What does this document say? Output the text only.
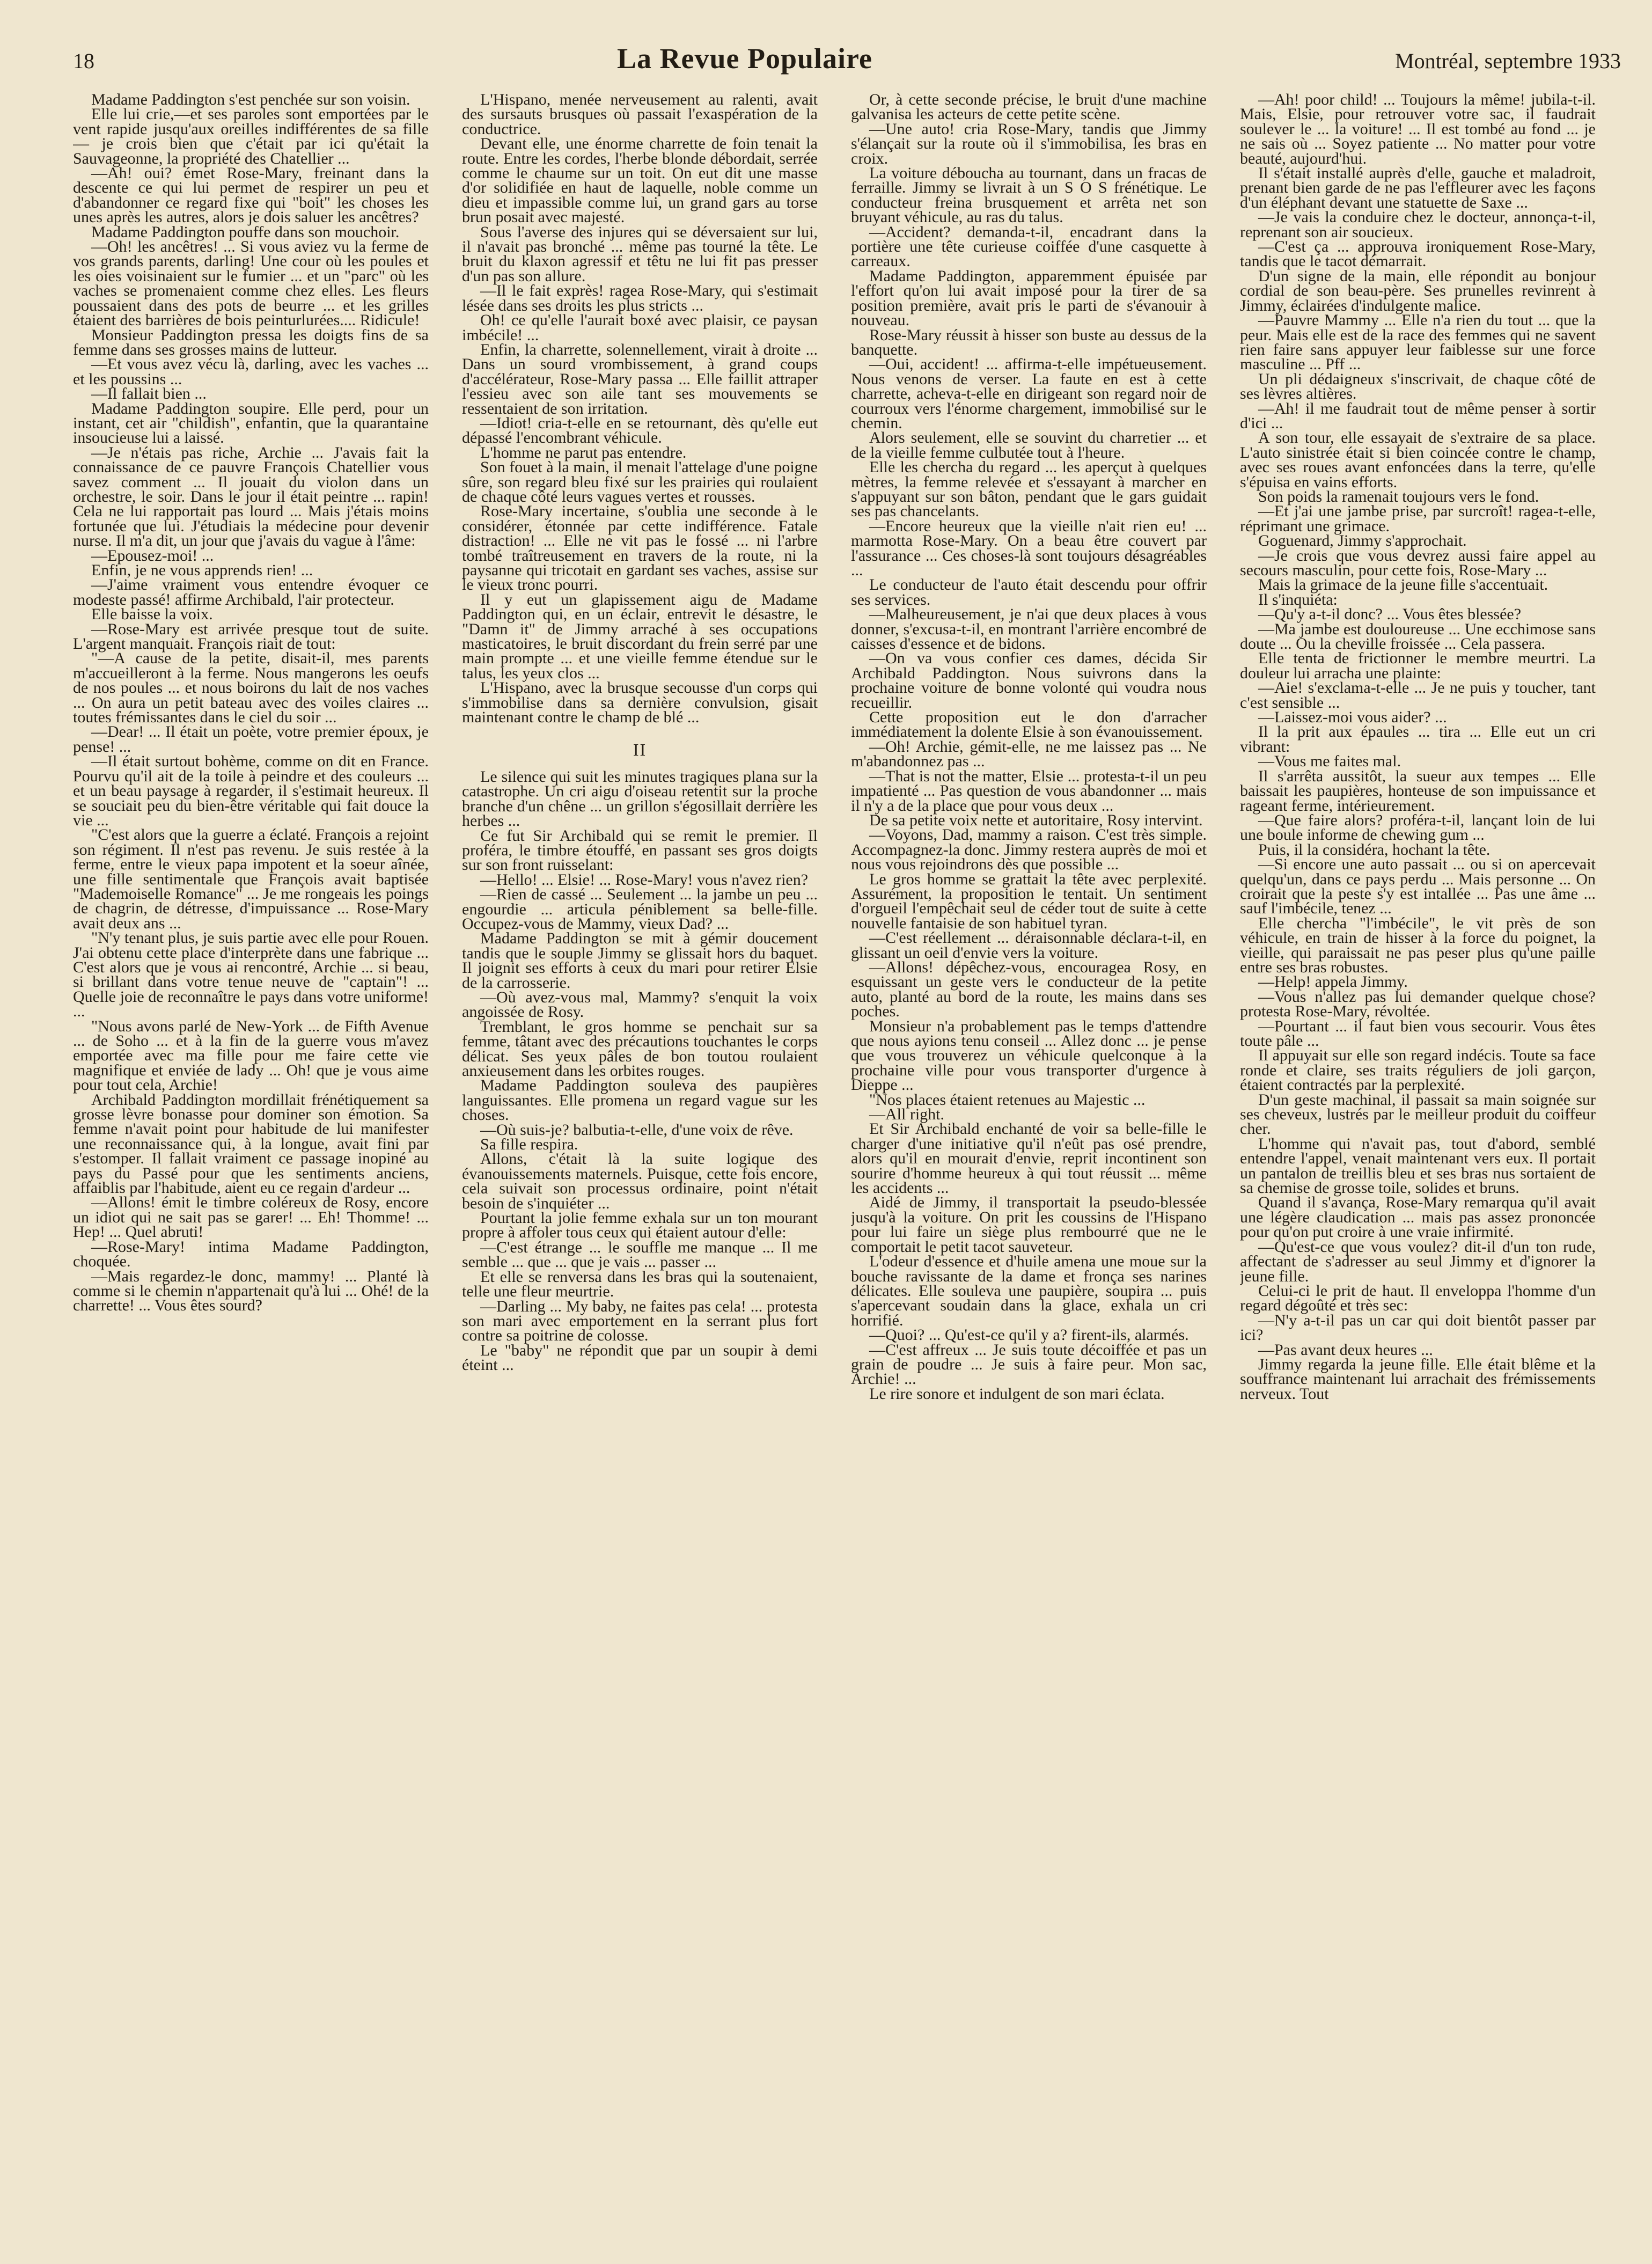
18	La Revue Populaire	Montréal, septembre 1933

Madame Paddington s'est penchée sur son voisin.

Elle lui crie,—et ses paroles sont emportées par le vent rapide jusqu'aux oreilles indifférentes de sa fille — je crois bien que c'était par ici qu'était la Sauvageonne, la propriété des Chatellier ...

—Ah! oui? émet Rose-Mary, freinant dans la descente ce qui lui permet de respirer un peu et d'abandonner ce regard fixe qui "boit" les choses les unes après les autres, alors je dois saluer les ancêtres?

Madame Paddington pouffe dans son mouchoir.

—Oh! les ancêtres! ... Si vous aviez vu la ferme de vos grands parents, darling! Une cour où les poules et les oies voisinaient sur le fumier ... et un "parc" où les vaches se promenaient comme chez elles. Les fleurs poussaient dans des pots de beurre ... et les grilles étaient des barrières de bois peinturlurées.... Ridicule!

Monsieur Paddington pressa les doigts fins de sa femme dans ses grosses mains de lutteur.

—Et vous avez vécu là, darling, avec les vaches ... et les poussins ...

—Il fallait bien ...

Madame Paddington soupire. Elle perd, pour un instant, cet air "childish", enfantin, que la quarantaine insoucieuse lui a laissé.

—Je n'étais pas riche, Archie ... J'avais fait la connaissance de ce pauvre François Chatellier vous savez comment ... Il jouait du violon dans un orchestre, le soir. Dans le jour il était peintre ... rapin! Cela ne lui rapportait pas lourd ... Mais j'étais moins fortunée que lui. J'étudiais la médecine pour devenir nurse. Il m'a dit, un jour que j'avais du vague à l'âme:

—Epousez-moi! ...

Enfin, je ne vous apprends rien! ...

—J'aime vraiment vous entendre évoquer ce modeste passé! affirme Archibald, l'air protecteur.

Elle baisse la voix.

—Rose-Mary est arrivée presque tout de suite. L'argent manquait. François riait de tout:

"—A cause de la petite, disait-il, mes parents m'accueilleront à la ferme. Nous mangerons les oeufs de nos poules ... et nous boirons du lait de nos vaches ... On aura un petit bateau avec des voiles claires ... toutes frémissantes dans le ciel du soir ...

—Dear! ... Il était un poète, votre premier époux, je pense! ...

—Il était surtout bohème, comme on dit en France. Pourvu qu'il ait de la toile à peindre et des couleurs ... et un beau paysage à regarder, il s'estimait heureux. Il se souciait peu du bien-être véritable qui fait douce la vie ...

"C'est alors que la guerre a éclaté. François a rejoint son régiment. Il n'est pas revenu. Je suis restée à la ferme, entre le vieux papa impotent et la soeur aînée, une fille sentimentale que François avait baptisée "Mademoiselle Romance" ... Je me rongeais les poings de chagrin, de détresse, d'impuissance ... Rose-Mary avait deux ans ...

"N'y tenant plus, je suis partie avec elle pour Rouen. J'ai obtenu cette place d'interprète dans une fabrique ... C'est alors que je vous ai rencontré, Archie ... si beau, si brillant dans votre tenue neuve de "captain"! ... Quelle joie de reconnaître le pays dans votre uniforme! ...

"Nous avons parlé de New-York ... de Fifth Avenue ... de Soho ... et à la fin de la guerre vous m'avez emportée avec ma fille pour me faire cette vie magnifique et enviée de lady ... Oh! que je vous aime pour tout cela, Archie!

Archibald Paddington mordillait frénétiquement sa grosse lèvre bonasse pour dominer son émotion. Sa femme n'avait point pour habitude de lui manifester une reconnaissance qui, à la longue, avait fini par s'estomper. Il fallait vraiment ce passage inopiné au pays du Passé pour que les sentiments anciens, affaiblis par l'habitude, aient eu ce regain d'ardeur ...

—Allons! émit le timbre coléreux de Rosy, encore un idiot qui ne sait pas se garer! ... Eh! Thomme! ... Hep! ... Quel abruti!

—Rose-Mary! intima Madame Paddington, choquée.

—Mais regardez-le donc, mammy! ... Planté là comme si le chemin n'appartenait qu'à lui ... Ohé! de la charrette! ... Vous êtes sourd?

L'Hispano, menée nerveusement au ralenti, avait des sursauts brusques où passait l'exaspération de la conductrice.

Devant elle, une énorme charrette de foin tenait la route. Entre les cordes, l'herbe blonde débordait, serrée comme le chaume sur un toit. On eut dit une masse d'or solidifiée en haut de laquelle, noble comme un dieu et impassible comme lui, un grand gars au torse brun posait avec majesté.

Sous l'averse des injures qui se déversaient sur lui, il n'avait pas bronché ... même pas tourné la tête. Le bruit du klaxon agressif et têtu ne lui fit pas presser d'un pas son allure.

—Il le fait exprès! ragea Rose-Mary, qui s'estimait lésée dans ses droits les plus stricts ...

Oh! ce qu'elle l'aurait boxé avec plaisir, ce paysan imbécile! ...

Enfin, la charrette, solennellement, virait à droite ... Dans un sourd vrombissement, à grand coups d'accélérateur, Rose-Mary passa ... Elle faillit attraper l'essieu avec son aile tant ses mouvements se ressentaient de son irritation.

—Idiot! cria-t-elle en se retournant, dès qu'elle eut dépassé l'encombrant véhicule.

L'homme ne parut pas entendre.

Son fouet à la main, il menait l'attelage d'une poigne sûre, son regard bleu fixé sur les prairies qui roulaient de chaque côté leurs vagues vertes et rousses.

Rose-Mary incertaine, s'oublia une seconde à le considérer, étonnée par cette indifférence. Fatale distraction! ... Elle ne vit pas le fossé ... ni l'arbre tombé traîtreusement en travers de la route, ni la paysanne qui tricotait en gardant ses vaches, assise sur le vieux tronc pourri.

Il y eut un glapissement aigu de Madame Paddington qui, en un éclair, entrevit le désastre, le "Damn it" de Jimmy arraché à ses occupations masticatoires, le bruit discordant du frein serré par une main prompte ... et une vieille femme étendue sur le talus, les yeux clos ...

L'Hispano, avec la brusque secousse d'un corps qui s'immobilise dans sa dernière convulsion, gisait maintenant contre le champ de blé ...

II

Le silence qui suit les minutes tragiques plana sur la catastrophe. Un cri aigu d'oiseau retentit sur la proche branche d'un chêne ... un grillon s'égosillait derrière les herbes ...

Ce fut Sir Archibald qui se remit le premier. Il proféra, le timbre étouffé, en passant ses gros doigts sur son front ruisselant:

—Hello! ... Elsie! ... Rose-Mary! vous n'avez rien?

—Rien de cassé ... Seulement ... la jambe un peu ... engourdie ... articula péniblement sa belle-fille. Occupez-vous de Mammy, vieux Dad? ...

Madame Paddington se mit à gémir doucement tandis que le souple Jimmy se glissait hors du baquet. Il joignit ses efforts à ceux du mari pour retirer Elsie de la carrosserie.

—Où avez-vous mal, Mammy? s'enquit la voix angoissée de Rosy.

Tremblant, le gros homme se penchait sur sa femme, tâtant avec des précautions touchantes le corps délicat. Ses yeux pâles de bon toutou roulaient anxieusement dans les orbites rouges.

Madame Paddington souleva des paupières languissantes. Elle promena un regard vague sur les choses.

—Où suis-je? balbutia-t-elle, d'une voix de rêve.

Sa fille respira.

Allons, c'était là la suite logique des évanouissements maternels. Puisque, cette fois encore, cela suivait son processus ordinaire, point n'était besoin de s'inquiéter ...

Pourtant la jolie femme exhala sur un ton mourant propre à affoler tous ceux qui étaient autour d'elle:

—C'est étrange ... le souffle me manque ... Il me semble ... que ... que je vais ... passer ...

Et elle se renversa dans les bras qui la soutenaient, telle une fleur meurtrie.

—Darling ... My baby, ne faites pas cela! ... protesta son mari avec emportement en la serrant plus fort contre sa poitrine de colosse.

Le "baby" ne répondit que par un soupir à demi éteint ...

Or, à cette seconde précise, le bruit d'une machine galvanisa les acteurs de cette petite scène.

—Une auto! cria Rose-Mary, tandis que Jimmy s'élançait sur la route où il s'immobilisa, les bras en croix.

La voiture déboucha au tournant, dans un fracas de ferraille. Jimmy se livrait à un S O S frénétique. Le conducteur freina brusquement et arrêta net son bruyant véhicule, au ras du talus.

—Accident? demanda-t-il, encadrant dans la portière une tête curieuse coiffée d'une casquette à carreaux.

Madame Paddington, apparemment épuisée par l'effort qu'on lui avait imposé pour la tirer de sa position première, avait pris le parti de s'évanouir à nouveau.

Rose-Mary réussit à hisser son buste au dessus de la banquette.

—Oui, accident! ... affirma-t-elle impétueusement. Nous venons de verser. La faute en est à cette charrette, acheva-t-elle en dirigeant son regard noir de courroux vers l'énorme chargement, immobilisé sur le chemin.

Alors seulement, elle se souvint du charretier ... et de la vieille femme culbutée tout à l'heure.

Elle les chercha du regard ... les aperçut à quelques mètres, la femme relevée et s'essayant à marcher en s'appuyant sur son bâton, pendant que le gars guidait ses pas chancelants.

—Encore heureux que la vieille n'ait rien eu! ... marmotta Rose-Mary. On a beau être couvert par l'assurance ... Ces choses-là sont toujours désagréables ...

Le conducteur de l'auto était descendu pour offrir ses services.

—Malheureusement, je n'ai que deux places à vous donner, s'excusa-t-il, en montrant l'arrière encombré de caisses d'essence et de bidons.

—On va vous confier ces dames, décida Sir Archibald Paddington. Nous suivrons dans la prochaine voiture de bonne volonté qui voudra nous recueillir.

Cette proposition eut le don d'arracher immédiatement la dolente Elsie à son évanouissement.

—Oh! Archie, gémit-elle, ne me laissez pas ... Ne m'abandonnez pas ...

—That is not the matter, Elsie ... protesta-t-il un peu impatienté ... Pas question de vous abandonner ... mais il n'y a de la place que pour vous deux ...

De sa petite voix nette et autoritaire, Rosy intervint.

—Voyons, Dad, mammy a raison. C'est très simple. Accompagnez-la donc. Jimmy restera auprès de moi et nous vous rejoindrons dès que possible ...

Le gros homme se grattait la tête avec perplexité. Assurément, la proposition le tentait. Un sentiment d'orgueil l'empêchait seul de céder tout de suite à cette nouvelle fantaisie de son habituel tyran.

—C'est réellement ... déraisonnable déclara-t-il, en glissant un oeil d'envie vers la voiture.

—Allons! dépêchez-vous, encouragea Rosy, en esquissant un geste vers le conducteur de la petite auto, planté au bord de la route, les mains dans ses poches.

Monsieur n'a probablement pas le temps d'attendre que nous ayions tenu conseil ... Allez donc ... je pense que vous trouverez un véhicule quelconque à la prochaine ville pour vous transporter d'urgence à Dieppe ...

"Nos places étaient retenues au Majestic ...

—All right.

Et Sir Archibald enchanté de voir sa belle-fille le charger d'une initiative qu'il n'eût pas osé prendre, alors qu'il en mourait d'envie, reprit incontinent son sourire d'homme heureux à qui tout réussit ... même les accidents ...

Aidé de Jimmy, il transportait la pseudo-blessée jusqu'à la voiture. On prit les coussins de l'Hispano pour lui faire un siège plus rembourré que ne le comportait le petit tacot sauveteur.

L'odeur d'essence et d'huile amena une moue sur la bouche ravissante de la dame et fronça ses narines délicates. Elle souleva une paupière, soupira ... puis s'apercevant soudain dans la glace, exhala un cri horrifié.

—Quoi? ... Qu'est-ce qu'il y a? firent-ils, alarmés.

—C'est affreux ... Je suis toute décoiffée et pas un grain de poudre ... Je suis à faire peur. Mon sac, Archie! ...

Le rire sonore et indulgent de son mari éclata.

—Ah! poor child! ... Toujours la même! jubila-t-il. Mais, Elsie, pour retrouver votre sac, il faudrait soulever le ... la voiture! ... Il est tombé au fond ... je ne sais où ... Soyez patiente ... No matter pour votre beauté, aujourd'hui.

Il s'était installé auprès d'elle, gauche et maladroit, prenant bien garde de ne pas l'effleurer avec les façons d'un éléphant devant une statuette de Saxe ...

—Je vais la conduire chez le docteur, annonça-t-il, reprenant son air soucieux.

—C'est ça ... approuva ironiquement Rose-Mary, tandis que le tacot démarrait.

D'un signe de la main, elle répondit au bonjour cordial de son beau-père. Ses prunelles revinrent à Jimmy, éclairées d'indulgente malice.

—Pauvre Mammy ... Elle n'a rien du tout ... que la peur. Mais elle est de la race des femmes qui ne savent rien faire sans appuyer leur faiblesse sur une force masculine ... Pff ...

Un pli dédaigneux s'inscrivait, de chaque côté de ses lèvres altières.

—Ah! il me faudrait tout de même penser à sortir d'ici ...

A son tour, elle essayait de s'extraire de sa place. L'auto sinistrée était si bien coincée contre le champ, avec ses roues avant enfoncées dans la terre, qu'elle s'épuisa en vains efforts.

Son poids la ramenait toujours vers le fond.

—Et j'ai une jambe prise, par surcroît! ragea-t-elle, réprimant une grimace.

Goguenard, Jimmy s'approchait.

—Je crois que vous devrez aussi faire appel au secours masculin, pour cette fois, Rose-Mary ...

Mais la grimace de la jeune fille s'accentuait.

Il s'inquiéta:

—Qu'y a-t-il donc? ... Vous êtes blessée?

—Ma jambe est douloureuse ... Une ecchimose sans doute ... Ou la cheville froissée ... Cela passera.

Elle tenta de frictionner le membre meurtri. La douleur lui arracha une plainte:

—Aie! s'exclama-t-elle ... Je ne puis y toucher, tant c'est sensible ...

—Laissez-moi vous aider? ...

Il la prit aux épaules ... tira ... Elle eut un cri vibrant:

—Vous me faites mal.

Il s'arrêta aussitôt, la sueur aux tempes ... Elle baissait les paupières, honteuse de son impuissance et rageant ferme, intérieurement.

—Que faire alors? proféra-t-il, lançant loin de lui une boule informe de chewing gum ...

Puis, il la considéra, hochant la tête.

—Si encore une auto passait ... ou si on apercevait quelqu'un, dans ce pays perdu ... Mais personne ... On croirait que la peste s'y est intallée ... Pas une âme ... sauf l'imbécile, tenez ...

Elle chercha "l'imbécile", le vit près de son véhicule, en train de hisser à la force du poignet, la vieille, qui paraissait ne pas peser plus qu'une paille entre ses bras robustes.

—Help! appela Jimmy.

—Vous n'allez pas lui demander quelque chose? protesta Rose-Mary, révoltée.

—Pourtant ... il faut bien vous secourir. Vous êtes toute pâle ...

Il appuyait sur elle son regard indécis. Toute sa face ronde et claire, ses traits réguliers de joli garçon, étaient contractés par la perplexité.

D'un geste machinal, il passait sa main soignée sur ses cheveux, lustrés par le meilleur produit du coiffeur cher.

L'homme qui n'avait pas, tout d'abord, semblé entendre l'appel, venait maintenant vers eux. Il portait un pantalon de treillis bleu et ses bras nus sortaient de sa chemise de grosse toile, solides et bruns.

Quand il s'avança, Rose-Mary remarqua qu'il avait une légère claudication ... mais pas assez prononcée pour qu'on put croire à une vraie infirmité.

—Qu'est-ce que vous voulez? dit-il d'un ton rude, affectant de s'adresser au seul Jimmy et d'ignorer la jeune fille.

Celui-ci le prit de haut. Il enveloppa l'homme d'un regard dégoûté et très sec:

—N'y a-t-il pas un car qui doit bientôt passer par ici?

—Pas avant deux heures ...

Jimmy regarda la jeune fille. Elle était blême et la souffrance maintenant lui arrachait des frémissements nerveux. Tout
